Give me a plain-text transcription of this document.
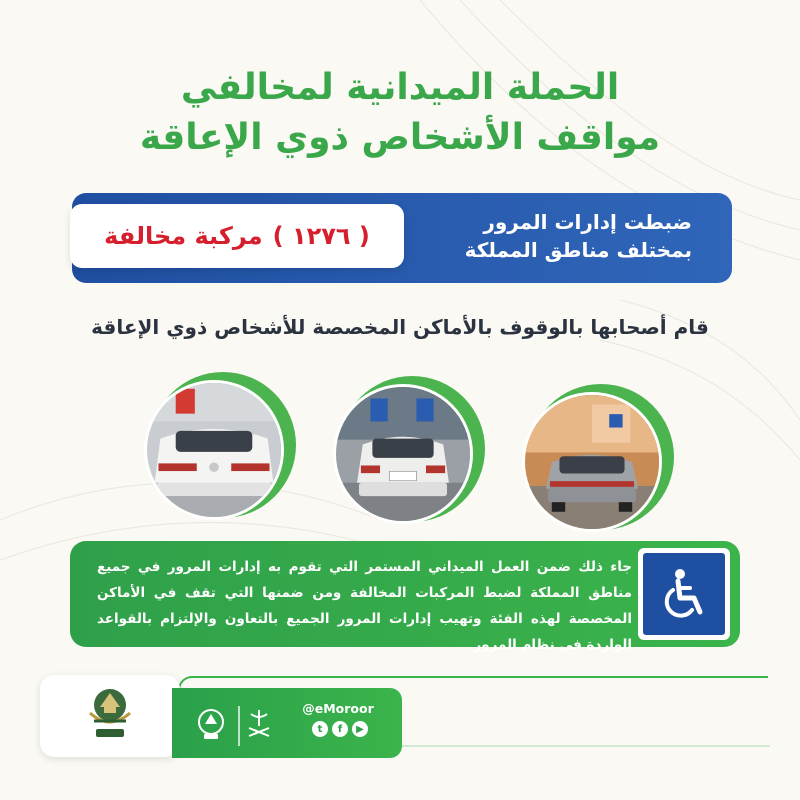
الحملة الميدانية لمخالفي
مواقف الأشخاص ذوي الإعاقة
ضبطت إدارات المرور
بمختلف مناطق المملكة
( ١٢٧٦ )
مركبة مخالفة
قام أصحابها بالوقوف بالأماكن المخصصة للأشخاص ذوي الإعاقة
جاء ذلك ضمن العمل الميداني المستمر التي تقوم به إدارات المرور في جميع مناطق المملكة لضبط المركبات المخالفة ومن ضمنها التي تقف في الأماكن المخصصة لهذه الفئة وتهيب إدارات المرور الجميع بالتعاون والإلتزام بالقواعد الواردة في نظام المرور
@eMoroor
t	f	▶
